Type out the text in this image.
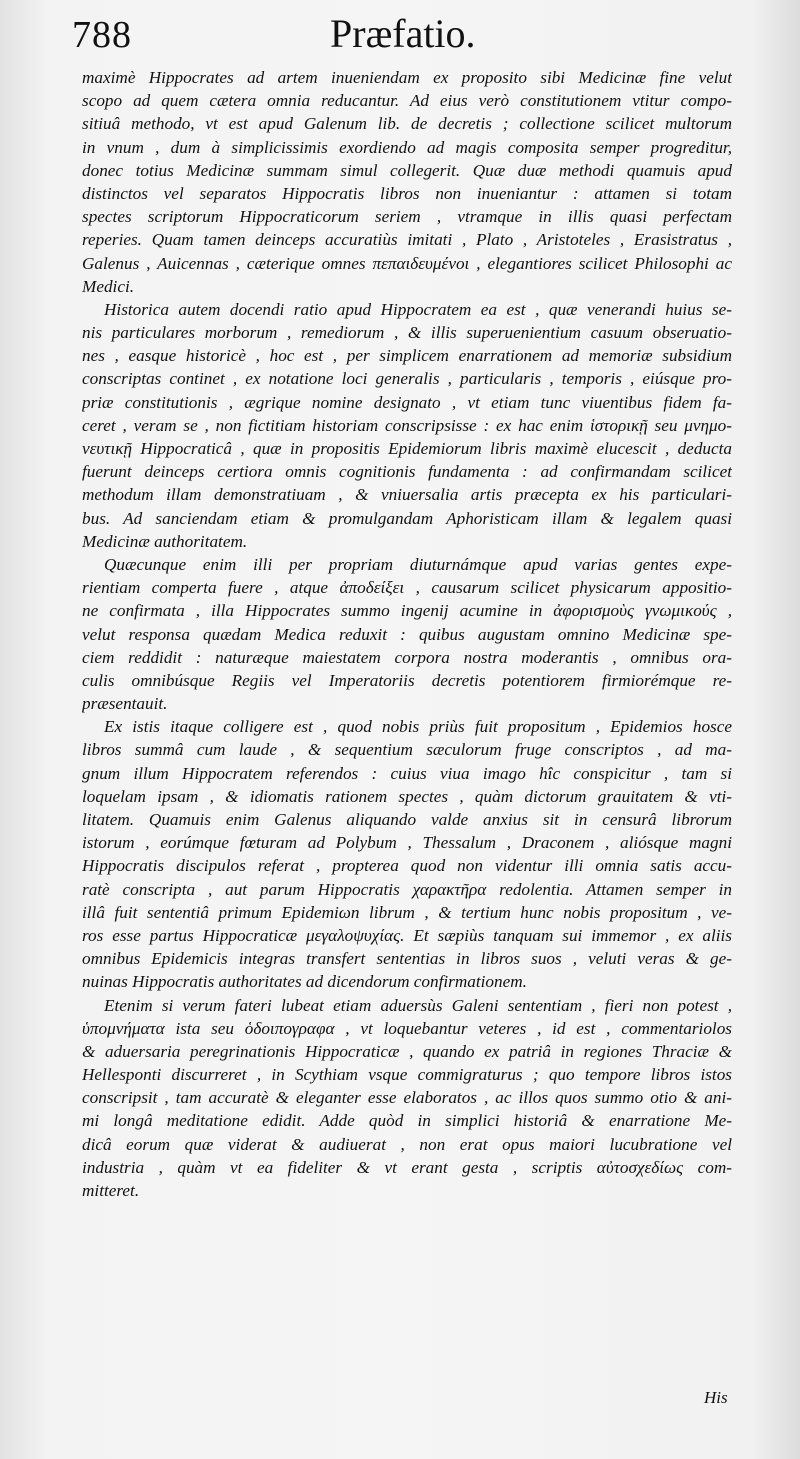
788	Præfatio.
maximè Hippocrates ad artem inueniendam ex proposito sibi Medicinæ fine velut
scopo ad quem cætera omnia reducantur. Ad eius verò constitutionem vtitur compo-
sitiuâ methodo, vt est apud Galenum lib. de decretis ; collectione scilicet multorum
in vnum , dum à simplicissimis exordiendo ad magis composita semper progreditur,
donec totius Medicinæ summam simul collegerit. Quæ duæ methodi quamuis apud
distinctos vel separatos Hippocratis libros non inueniantur : attamen si totam
spectes scriptorum Hippocraticorum seriem , vtramque in illis quasi perfectam
reperies. Quam tamen deinceps accuratiùs imitati , Plato , Aristoteles , Erasistratus ,
Galenus , Auicennas , cæterique omnes πεπαιδευμένοι , elegantiores scilicet Philosophi ac
Medici.
Historica autem docendi ratio apud Hippocratem ea est , quæ venerandi huius se-
nis particulares morborum , remediorum , & illis superuenientium casuum obseruatio-
nes , easque historicè , hoc est , per simplicem enarrationem ad memoriæ subsidium
conscriptas continet , ex notatione loci generalis , particularis , temporis , eiúsque pro-
priæ constitutionis , ægrique nomine designato , vt etiam tunc viuentibus fidem fa-
ceret , veram se , non fictitiam historiam conscripsisse : ex hac enim ἱστορικῇ seu μνημο-
νευτικῇ Hippocraticâ , quæ in propositis Epidemiorum libris maximè elucescit , deducta
fuerunt deinceps certiora omnis cognitionis fundamenta : ad confirmandam scilicet
methodum illam demonstratiuam , & vniuersalia artis præcepta ex his particulari-
bus. Ad sanciendam etiam & promulgandam Aphoristicam illam & legalem quasi
Medicinæ authoritatem.
Quæcunque enim illi per propriam diuturnámque apud varias gentes expe-
rientiam comperta fuere , atque ἀποδείξει , causarum scilicet physicarum appositio-
ne confirmata , illa Hippocrates summo ingenij acumine in ἀφορισμοὺς γνωμικούς ,
velut responsa quædam Medica reduxit : quibus augustam omnino Medicinæ spe-
ciem reddidit : naturæque maiestatem corpora nostra moderantis , omnibus ora-
culis omnibúsque Regiis vel Imperatoriis decretis potentiorem firmiorémque re-
præsentauit.
Ex istis itaque colligere est , quod nobis priùs fuit propositum , Epidemios hosce
libros summâ cum laude , & sequentium sæculorum fruge conscriptos , ad ma-
gnum illum Hippocratem referendos : cuius viua imago hîc conspicitur , tam si
loquelam ipsam , & idiomatis rationem spectes , quàm dictorum grauitatem & vti-
litatem. Quamuis enim Galenus aliquando valde anxius sit in censurâ librorum
istorum , eorúmque fœturam ad Polybum , Thessalum , Draconem , aliósque magni
Hippocratis discipulos referat , propterea quod non videntur illi omnia satis accu-
ratè conscripta , aut parum Hippocratis χαρακτῆρα redolentia. Attamen semper in
illâ fuit sententiâ primum Epidemiωn librum , & tertium hunc nobis propositum , ve-
ros esse partus Hippocraticæ μεγαλοψυχίας. Et sæpiùs tanquam sui immemor , ex aliis
omnibus Epidemicis integras transfert sententias in libros suos , veluti veras & ge-
nuinas Hippocratis authoritates ad dicendorum confirmationem.
Etenim si verum fateri lubeat etiam aduersùs Galeni sententiam , fieri non potest ,
ὑπομνήματα ista seu ὁδοιπογραφα , vt loquebantur veteres , id est , commentariolos
& aduersaria peregrinationis Hippocraticæ , quando ex patriâ in regiones Thraciæ &
Hellesponti discurreret , in Scythiam vsque commigraturus ; quo tempore libros istos
conscripsit , tam accuratè & eleganter esse elaboratos , ac illos quos summo otio & ani-
mi longâ meditatione edidit. Adde quòd in simplici historiâ & enarratione Me-
dicâ eorum quæ viderat & audiuerat , non erat opus maiori lucubratione vel
industria , quàm vt ea fideliter & vt erant gesta , scriptis αὐτοσχεδίως com-
mitteret.
His
